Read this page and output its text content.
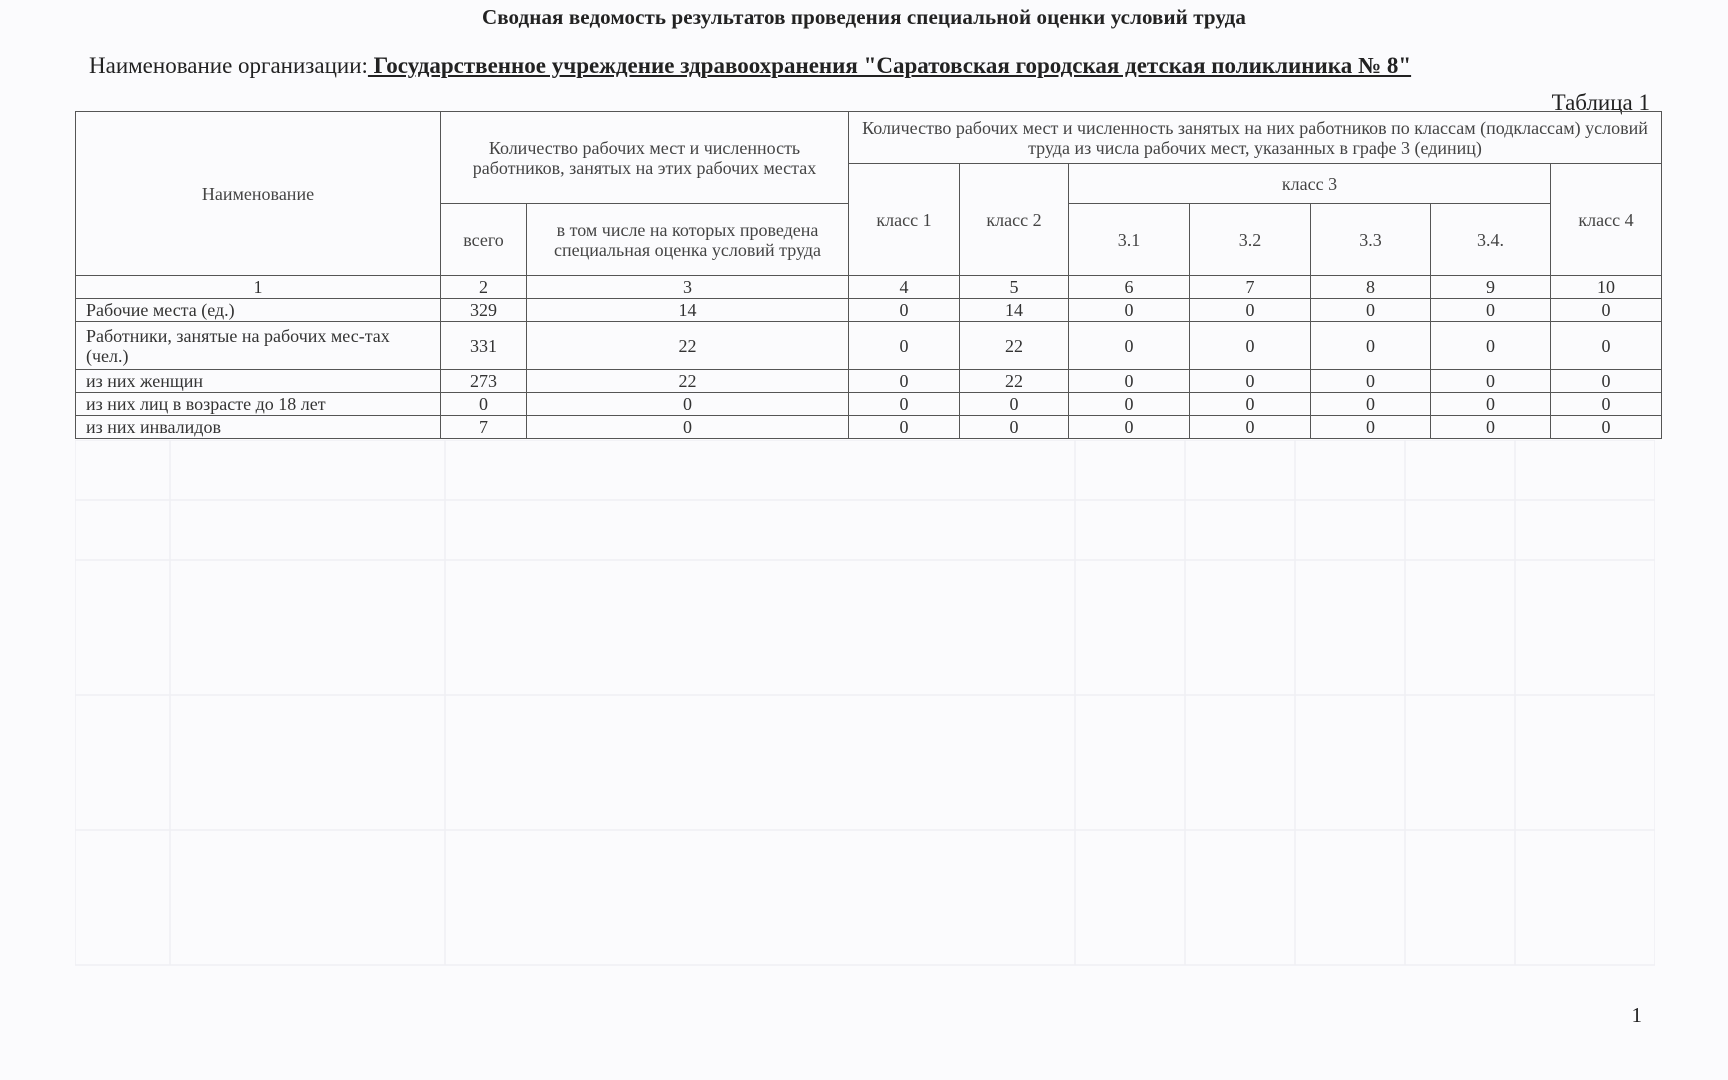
Сводная ведомость результатов проведения специальной оценки условий труда
Наименование организации: Государственное учреждение здравоохранения "Саратовская городская детская поликлиника № 8"
Таблица 1
Наименование	Количество рабочих мест и численность работников, занятых на этих рабочих местах		Количество рабочих мест и численность занятых на них работников по классам (подклассам) условий труда из числа рабочих мест, указанных в графе 3 (единиц)						
			класс 1	класс 2	класс 3				класс 4
	всего	в том числе на которых проведена специальная оценка условий труда			3.1	3.2	3.3	3.4.	
1	2	3	4	5	6	7	8	9	10
Рабочие места (ед.)	329	14	0	14	0	0	0	0	0
Работники, занятые на рабочих мес-тах (чел.)	331	22	0	22	0	0	0	0	0
из них женщин	273	22	0	22	0	0	0	0	0
из них лиц в возрасте до 18 лет	0	0	0	0	0	0	0	0	0
из них инвалидов	7	0	0	0	0	0	0	0	0
1
